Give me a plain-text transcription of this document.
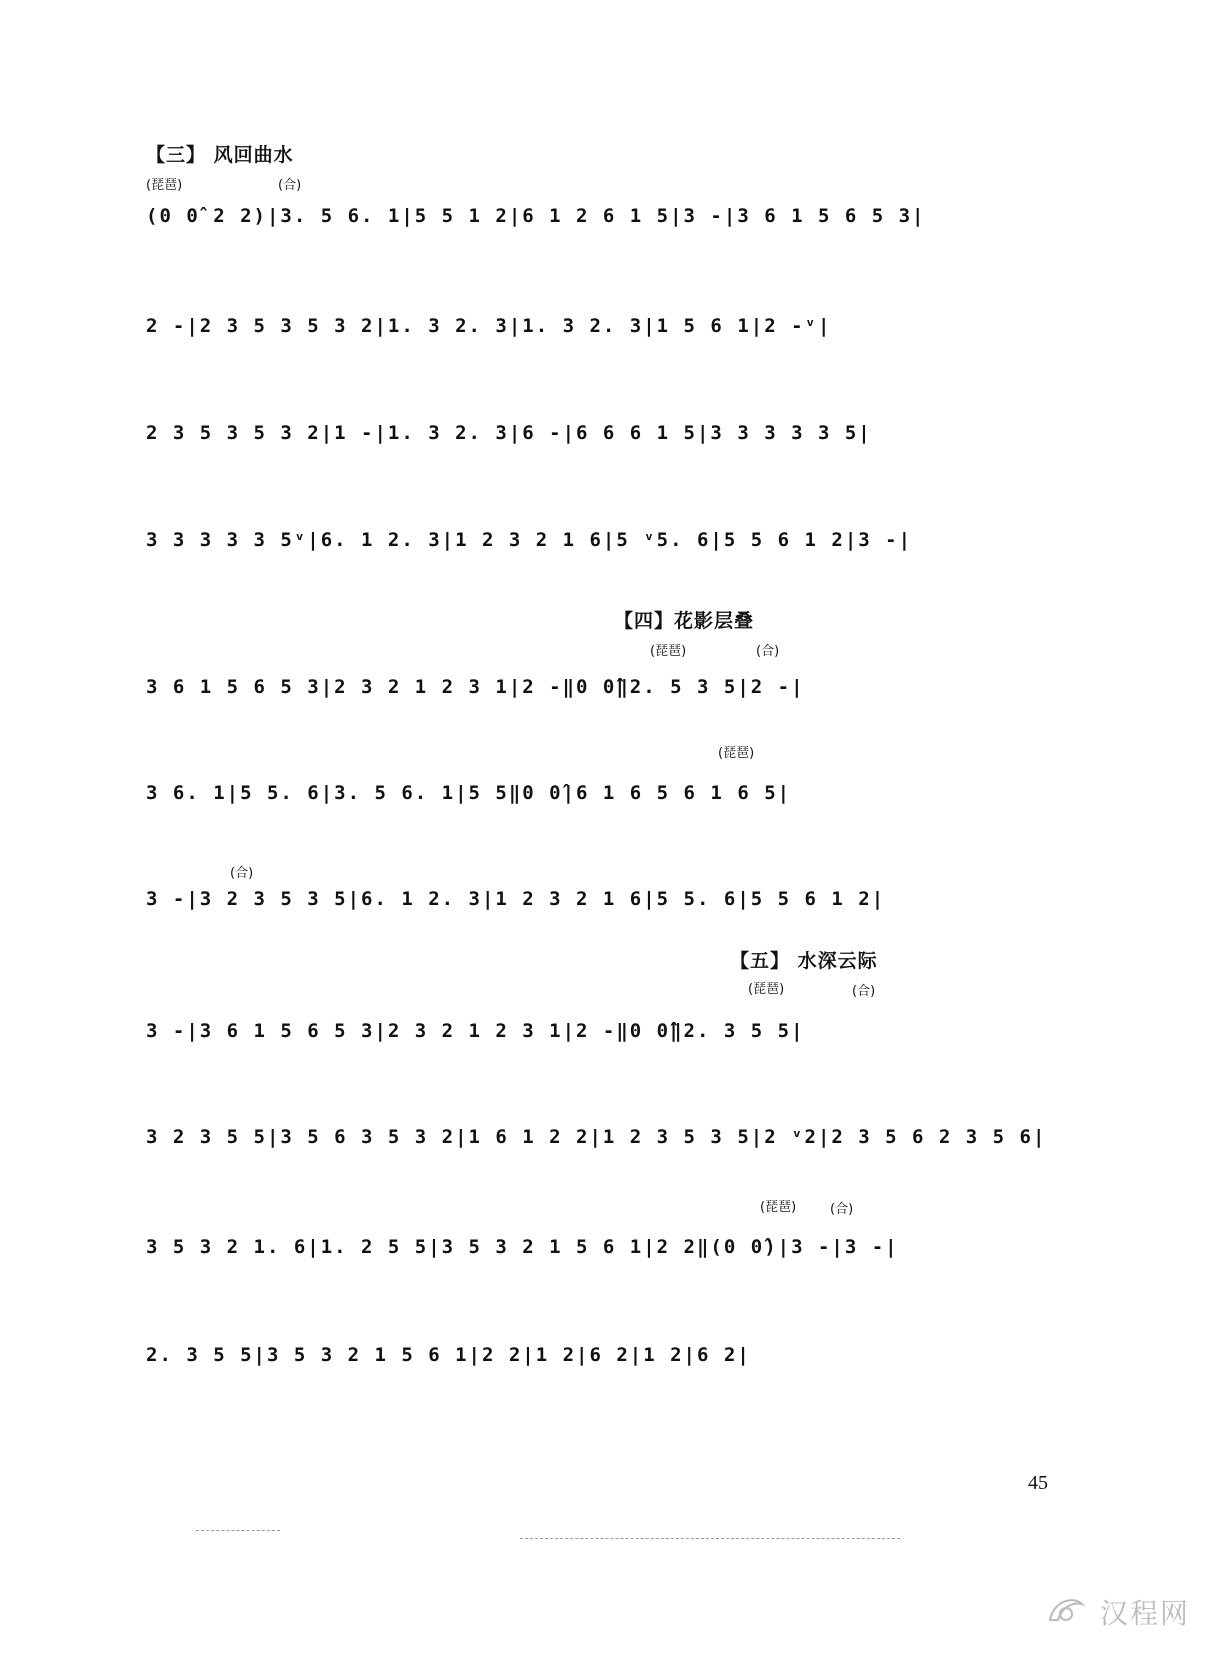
【三】 风回曲水
(琵琶)	(合)
(0 0̂ 2 2)|3. 5 6. 1|5 5 1 2|6 1 2 6 1 5|3 -|3 6 1 5 6 5 3|
2 -|2 3 5 3 5 3 2|1. 3 2. 3|1. 3 2. 3|1 5 6 1|2 -ᵛ|
2 3 5 3 5 3 2|1 -|1. 3 2. 3|6 -|6 6 6 1 5|3 3 3 3 3 5|
3 3 3 3 3 5ᵛ|6. 1 2. 3|1 2 3 2 1 6|5 ᵛ5. 6|5 5 6 1 2|3 -|
【四】花影层叠
(琵琶)	(合)
3 6 1 5 6 5 3|2 3 2 1 2 3 1|2 -‖0 0̂‖2. 5 3 5|2 -|
(琵琶)
3 6. 1|5 5. 6|3. 5 6. 1|5 5‖0 0̂|6 1 6 5 6 1 6 5|
(合)
3 -|3 2 3 5 3 5|6. 1 2. 3|1 2 3 2 1 6|5 5. 6|5 5 6 1 2|
【五】 水深云际
(琵琶)	(合)
3 -|3 6 1 5 6 5 3|2 3 2 1 2 3 1|2 -‖0 0̂‖2. 3 5 5|
3 2 3 5 5|3 5 6 3 5 3 2|1 6 1 2 2|1 2 3 5 3 5|2 ᵛ2|2 3 5 6 2 3 5 6|
(琵琶)	(合)
3 5 3 2 1. 6|1. 2 5 5|3 5 3 2 1 5 6 1|2 2‖(0 0̂)|3 -|3 -|
2. 3 5 5|3 5 3 2 1 5 6 1|2 2|1 2|6 2|1 2|6 2|
45
汉程网
